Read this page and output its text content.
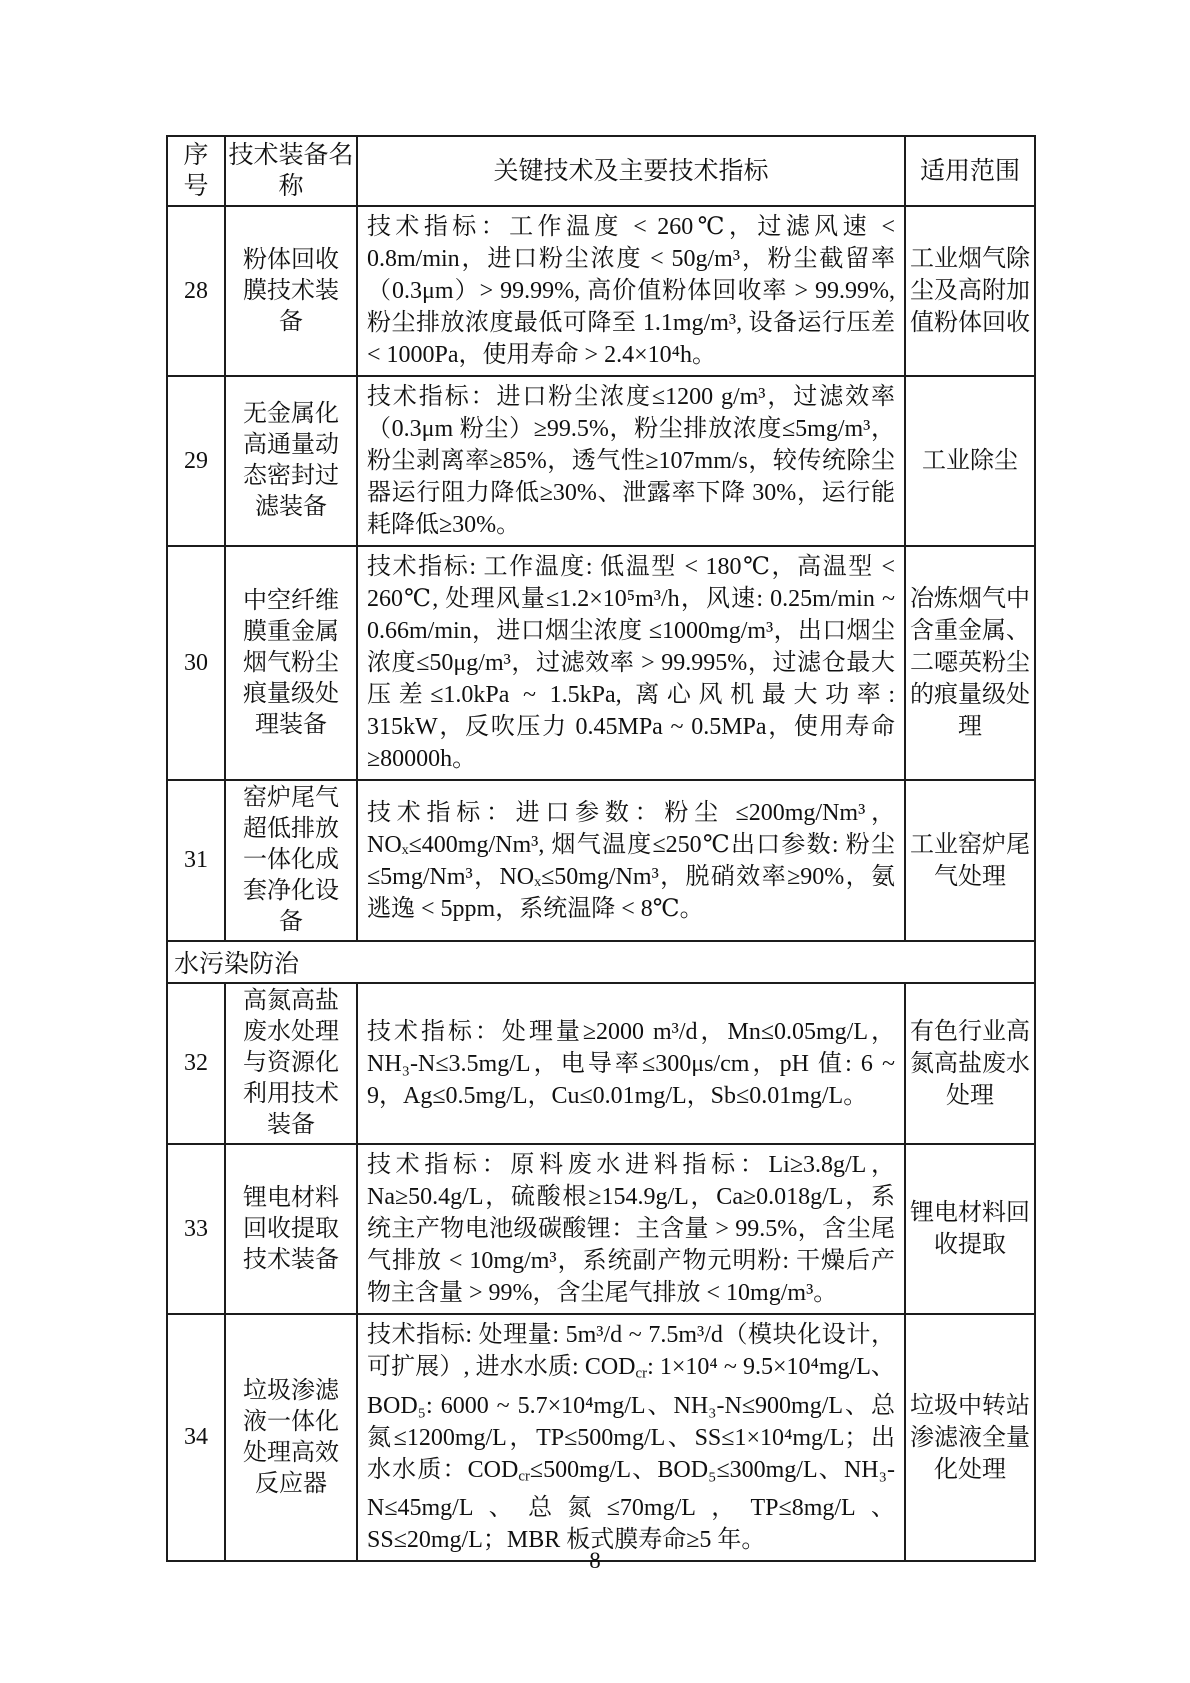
序号	技术装备名称	关键技术及主要技术指标	适用范围
28	粉体回收膜技术装备	技术指标：工作温度 < 260℃，过滤风速 < 0.8m/min，进口粉尘浓度 < 50g/m³，粉尘截留率（0.3μm）> 99.99%, 高价值粉体回收率 > 99.99%, 粉尘排放浓度最低可降至 1.1mg/m³, 设备运行压差 < 1000Pa，使用寿命 > 2.4×10⁴h。	工业烟气除尘及高附加值粉体回收
29	无金属化高通量动态密封过滤装备	技术指标：进口粉尘浓度≤1200 g/m³，过滤效率（0.3μm 粉尘）≥99.5%，粉尘排放浓度≤5mg/m³，粉尘剥离率≥85%，透气性≥107mm/s，较传统除尘器运行阻力降低≥30%、泄露率下降 30%，运行能耗降低≥30%。	工业除尘
30	中空纤维膜重金属烟气粉尘痕量级处理装备	技术指标: 工作温度: 低温型 < 180℃，高温型 < 260℃, 处理风量≤1.2×10⁵m³/h，风速: 0.25m/min ~ 0.66m/min，进口烟尘浓度 ≤1000mg/m³，出口烟尘浓度≤50μg/m³，过滤效率 > 99.995%，过滤仓最大压差≤1.0kPa ~ 1.5kPa, 离心风机最大功率: 315kW，反吹压力 0.45MPa ~ 0.5MPa，使用寿命≥80000h。	冶炼烟气中含重金属、二噁英粉尘的痕量级处理
31	窑炉尾气超低排放一体化成套净化设备	技术指标：进口参数：粉尘 ≤200mg/Nm³，NOₓ≤400mg/Nm³, 烟气温度≤250℃出口参数: 粉尘 ≤5mg/Nm³，NOₓ≤50mg/Nm³，脱硝效率≥90%，氨逃逸 < 5ppm，系统温降 < 8℃。	工业窑炉尾气处理
水污染防治			
32	高氮高盐废水处理与资源化利用技术装备	技术指标：处理量≥2000 m³/d，Mn≤0.05mg/L，NH₃-N≤3.5mg/L，电导率≤300μs/cm，pH 值: 6 ~ 9，Ag≤0.5mg/L，Cu≤0.01mg/L，Sb≤0.01mg/L。	有色行业高氮高盐废水处理
33	锂电材料回收提取技术装备	技术指标：原料废水进料指标：Li≥3.8g/L，Na≥50.4g/L，硫酸根≥154.9g/L，Ca≥0.018g/L，系统主产物电池级碳酸锂：主含量 > 99.5%，含尘尾气排放 < 10mg/m³，系统副产物元明粉: 干燥后产物主含量 > 99%，含尘尾气排放 < 10mg/m³。	锂电材料回收提取
34	垃圾渗滤液一体化处理高效反应器	技术指标: 处理量: 5m³/d ~ 7.5m³/d（模块化设计，可扩展）, 进水水质: $COD_{cr}$: 1×10⁴ ~ 9.5×10⁴mg/L、BOD₅: 6000 ~ 5.7×10⁴mg/L、NH₃-N≤900mg/L、总氮≤1200mg/L，TP≤500mg/L、SS≤1×10⁴mg/L；出水水质：$COD_{cr}\le 500mg/L$、BOD₅≤300mg/L、NH₃-N≤45mg/L、总氮≤70mg/L，TP≤8mg/L、SS≤20mg/L；MBR 板式膜寿命≥5 年。	垃圾中转站渗滤液全量化处理
8
